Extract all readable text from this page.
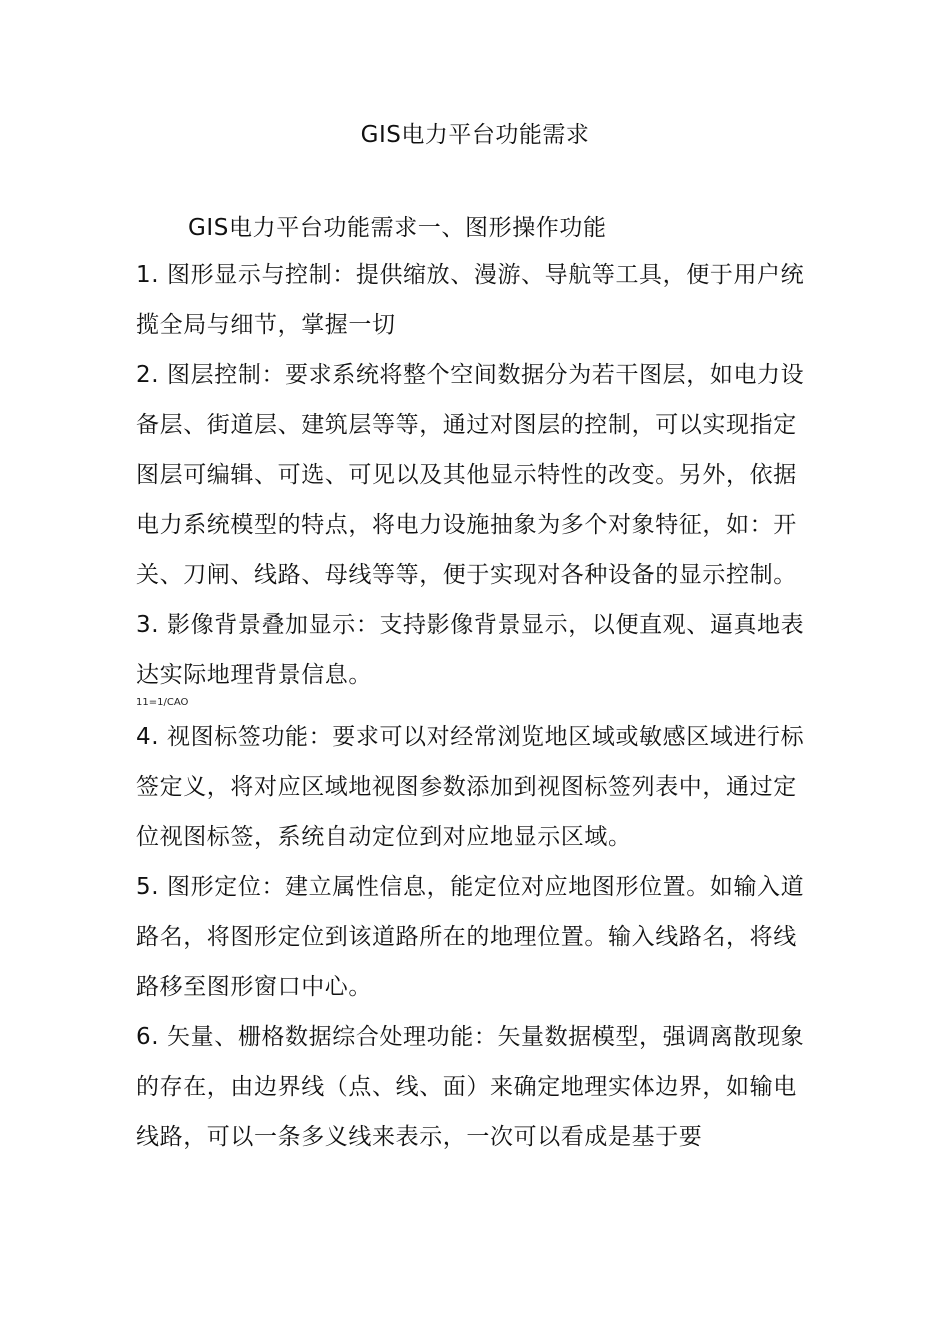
GIS电力平台功能需求

GIS电力平台功能需求一、图形操作功能

1. 图形显示与控制：提供缩放、漫游、导航等工具，便于用户统揽全局与细节，掌握一切

2. 图层控制：要求系统将整个空间数据分为若干图层，如电力设备层、街道层、建筑层等等，通过对图层的控制，可以实现指定图层可编辑、可选、可见以及其他显示特性的改变。另外，依据电力系统模型的特点，将电力设施抽象为多个对象特征，如：开关、刀闸、线路、母线等等，便于实现对各种设备的显示控制。

3. 影像背景叠加显示：支持影像背景显示，以便直观、逼真地表达实际地理背景信息。

11=1/CAO

4. 视图标签功能：要求可以对经常浏览地区域或敏感区域进行标签定义，将对应区域地视图参数添加到视图标签列表中，通过定位视图标签，系统自动定位到对应地显示区域。

5. 图形定位：建立属性信息，能定位对应地图形位置。如输入道路名，将图形定位到该道路所在的地理位置。输入线路名，将线路移至图形窗口中心。

6. 矢量、栅格数据综合处理功能：矢量数据模型，强调离散现象的存在，由边界线（点、线、面）来确定地理实体边界，如输电线路，可以一条多义线来表示，一次可以看成是基于要
